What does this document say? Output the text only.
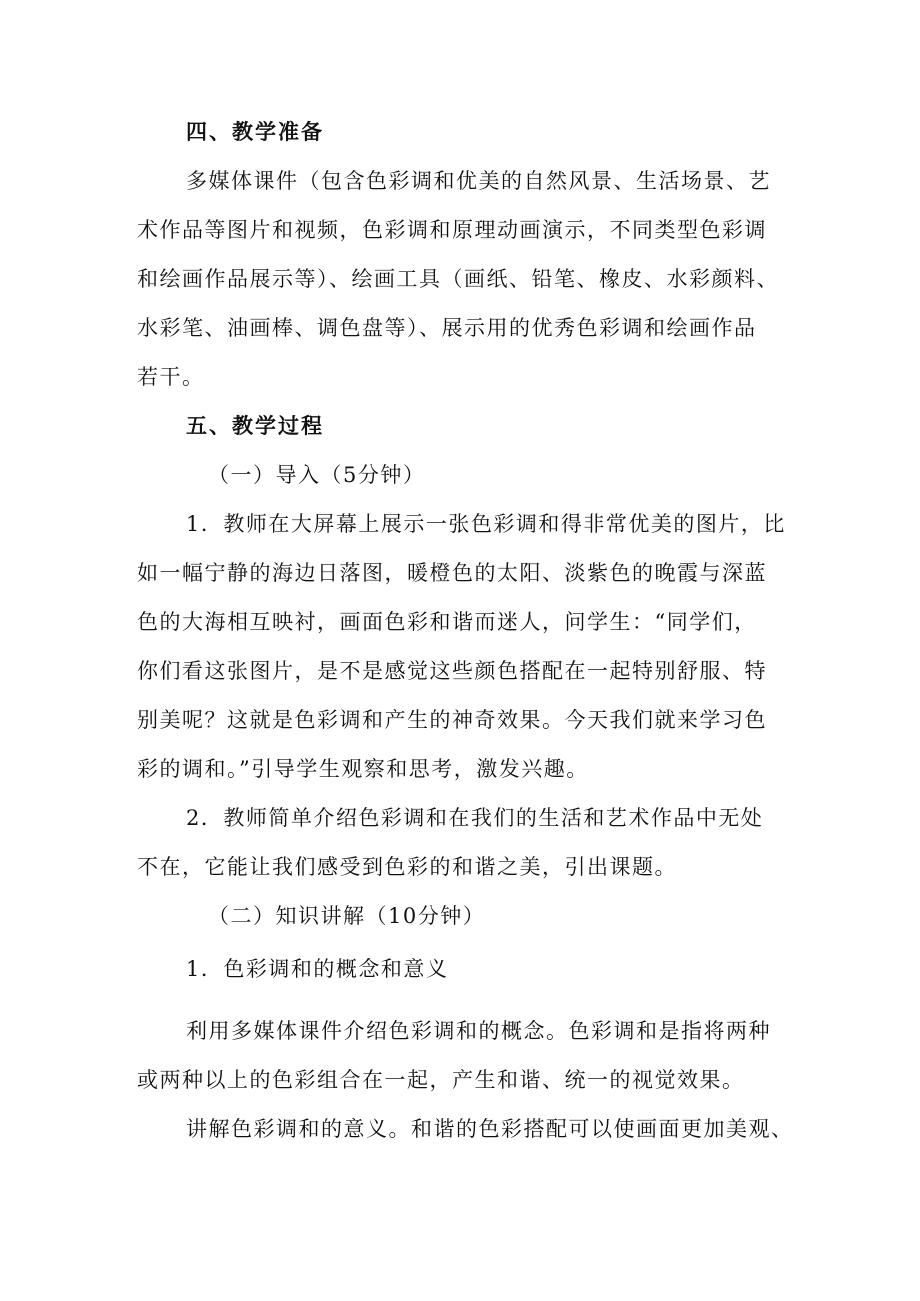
四、教学准备
多媒体课件（包含色彩调和优美的自然风景、生活场景、艺
术作品等图片和视频，色彩调和原理动画演示，不同类型色彩调
和绘画作品展示等）、绘画工具（画纸、铅笔、橡皮、水彩颜料、
水彩笔、油画棒、调色盘等）、展示用的优秀色彩调和绘画作品
若干。
五、教学过程
（一）导入（5分钟）
1．教师在大屏幕上展示一张色彩调和得非常优美的图片，比
如一幅宁静的海边日落图，暖橙色的太阳、淡紫色的晚霞与深蓝
色的大海相互映衬，画面色彩和谐而迷人，问学生：“同学们，
你们看这张图片，是不是感觉这些颜色搭配在一起特别舒服、特
别美呢？这就是色彩调和产生的神奇效果。今天我们就来学习色
彩的调和。”引导学生观察和思考，激发兴趣。
2．教师简单介绍色彩调和在我们的生活和艺术作品中无处
不在，它能让我们感受到色彩的和谐之美，引出课题。
（二）知识讲解（10分钟）
1．色彩调和的概念和意义
利用多媒体课件介绍色彩调和的概念。色彩调和是指将两种
或两种以上的色彩组合在一起，产生和谐、统一的视觉效果。
讲解色彩调和的意义。和谐的色彩搭配可以使画面更加美观、
